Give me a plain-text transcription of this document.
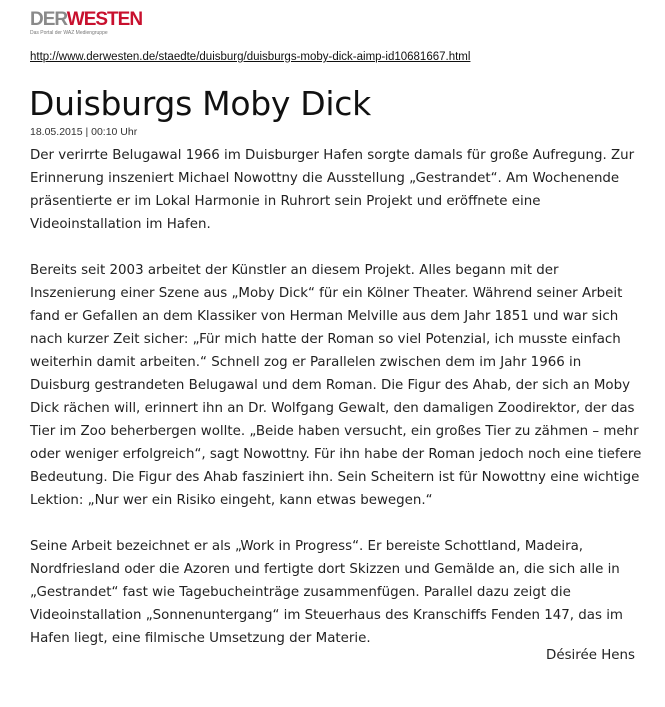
DERWESTEN
Das Portal der WAZ Mediengruppe
http://www.derwesten.de/staedte/duisburg/duisburgs-moby-dick-aimp-id10681667.html
Duisburgs Moby Dick
18.05.2015 | 00:10 Uhr

Der verirrte Belugawal 1966 im Duisburger Hafen sorgte damals für große Aufregung. Zur Erinnerung inszeniert Michael Nowottny die Ausstellung „Gestrandet“. Am Wochenende präsentierte er im Lokal Harmonie in Ruhrort sein Projekt und eröffnete eine Videoinstallation im Hafen.

Bereits seit 2003 arbeitet der Künstler an diesem Projekt. Alles begann mit der Inszenierung einer Szene aus „Moby Dick“ für ein Kölner Theater. Während seiner Arbeit fand er Gefallen an dem Klassiker von Herman Melville aus dem Jahr 1851 und war sich nach kurzer Zeit sicher: „Für mich hatte der Roman so viel Potenzial, ich musste einfach weiterhin damit arbeiten.“ Schnell zog er Parallelen zwischen dem im Jahr 1966 in Duisburg gestrandeten Belugawal und dem Roman. Die Figur des Ahab, der sich an Moby Dick rächen will, erinnert ihn an Dr. Wolfgang Gewalt, den damaligen Zoodirektor, der das Tier im Zoo beherbergen wollte. „Beide haben versucht, ein großes Tier zu zähmen – mehr oder weniger erfolgreich“, sagt Nowottny. Für ihn habe der Roman jedoch noch eine tiefere Bedeutung. Die Figur des Ahab fasziniert ihn. Sein Scheitern ist für Nowottny eine wichtige Lektion: „Nur wer ein Risiko eingeht, kann etwas bewegen.“

Seine Arbeit bezeichnet er als „Work in Progress“. Er bereiste Schottland, Madeira, Nordfriesland oder die Azoren und fertigte dort Skizzen und Gemälde an, die sich alle in „Gestrandet“ fast wie Tagebucheinträge zusammenfügen. Parallel dazu zeigt die Videoinstallation „Sonnenuntergang“ im Steuerhaus des Kranschiffs Fenden 147, das im Hafen liegt, eine filmische Umsetzung der Materie.

Désirée Hens
